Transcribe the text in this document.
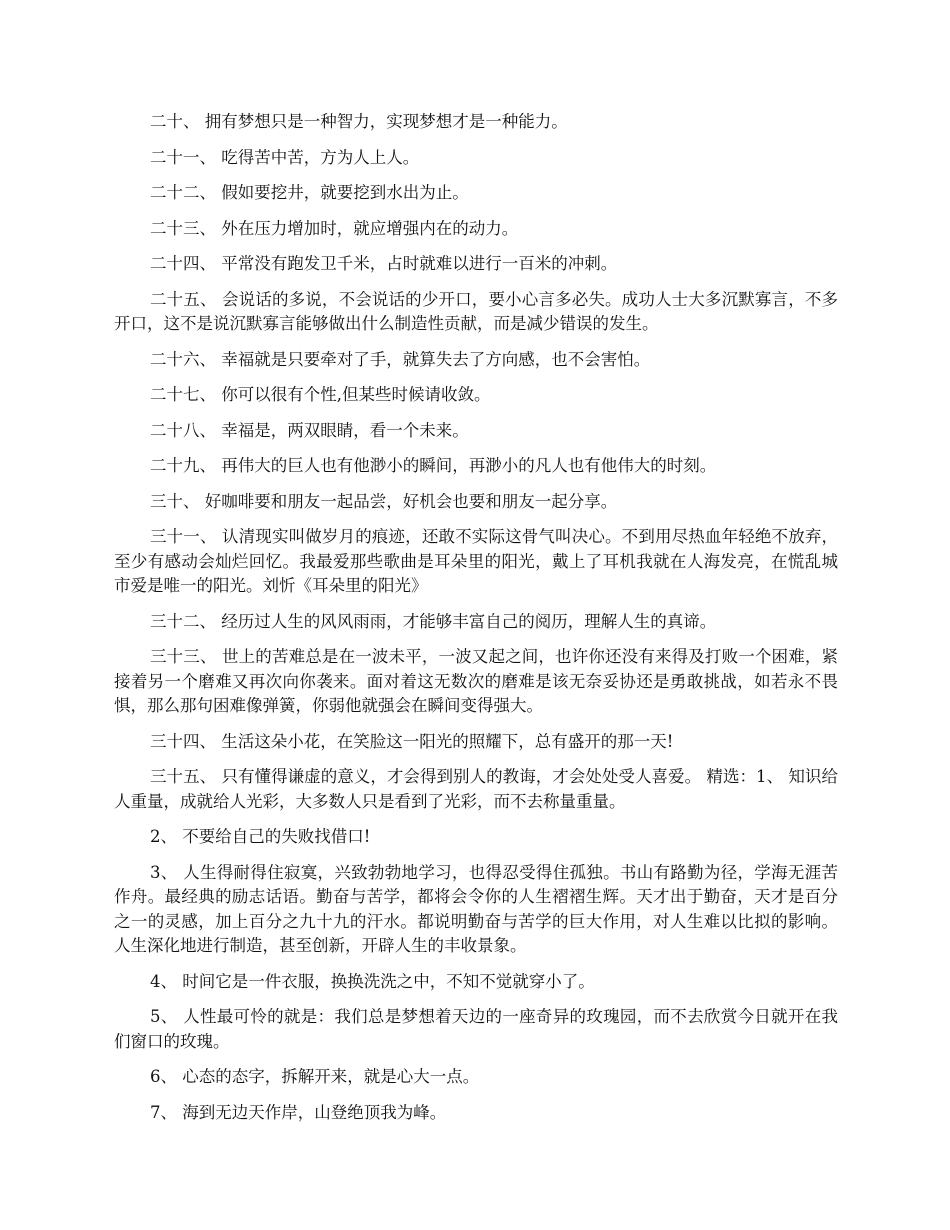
二十、 拥有梦想只是一种智力，实现梦想才是一种能力。

二十一、 吃得苦中苦，方为人上人。

二十二、 假如要挖井，就要挖到水出为止。

二十三、 外在压力增加时，就应增强内在的动力。

二十四、 平常没有跑发卫千米，占时就难以进行一百米的冲刺。

二十五、 会说话的多说，不会说话的少开口，要小心言多必失。成功人士大多沉默寡言，不多开口，这不是说沉默寡言能够做出什么制造性贡献，而是减少错误的发生。

二十六、 幸福就是只要牵对了手，就算失去了方向感，也不会害怕。

二十七、 你可以很有个性,但某些时候请收敛。

二十八、 幸福是，两双眼睛，看一个未来。

二十九、 再伟大的巨人也有他渺小的瞬间，再渺小的凡人也有他伟大的时刻。

三十、 好咖啡要和朋友一起品尝，好机会也要和朋友一起分享。

三十一、 认清现实叫做岁月的痕迹，还敢不实际这骨气叫决心。不到用尽热血年轻绝不放弃，至少有感动会灿烂回忆。我最爱那些歌曲是耳朵里的阳光，戴上了耳机我就在人海发亮，在慌乱城市爱是唯一的阳光。刘忻《耳朵里的阳光》

三十二、 经历过人生的风风雨雨，才能够丰富自己的阅历，理解人生的真谛。

三十三、 世上的苦难总是在一波未平，一波又起之间，也许你还没有来得及打败一个困难，紧接着另一个磨难又再次向你袭来。面对着这无数次的磨难是该无奈妥协还是勇敢挑战，如若永不畏惧，那么那句困难像弹簧，你弱他就强会在瞬间变得强大。

三十四、 生活这朵小花，在笑脸这一阳光的照耀下，总有盛开的那一天!

三十五、 只有懂得谦虚的意义，才会得到别人的教诲，才会处处受人喜爱。 精选：1、 知识给人重量，成就给人光彩，大多数人只是看到了光彩，而不去称量重量。

2、 不要给自己的失败找借口!

3、 人生得耐得住寂寞，兴致勃勃地学习，也得忍受得住孤独。书山有路勤为径，学海无涯苦作舟。最经典的励志话语。勤奋与苦学，都将会令你的人生褶褶生辉。天才出于勤奋，天才是百分之一的灵感，加上百分之九十九的汗水。都说明勤奋与苦学的巨大作用，对人生难以比拟的影响。人生深化地进行制造，甚至创新，开辟人生的丰收景象。

4、 时间它是一件衣服，换换洗洗之中，不知不觉就穿小了。

5、 人性最可怜的就是：我们总是梦想着天边的一座奇异的玫瑰园，而不去欣赏今日就开在我们窗口的玫瑰。

6、 心态的态字，拆解开来，就是心大一点。

7、 海到无边天作岸，山登绝顶我为峰。
